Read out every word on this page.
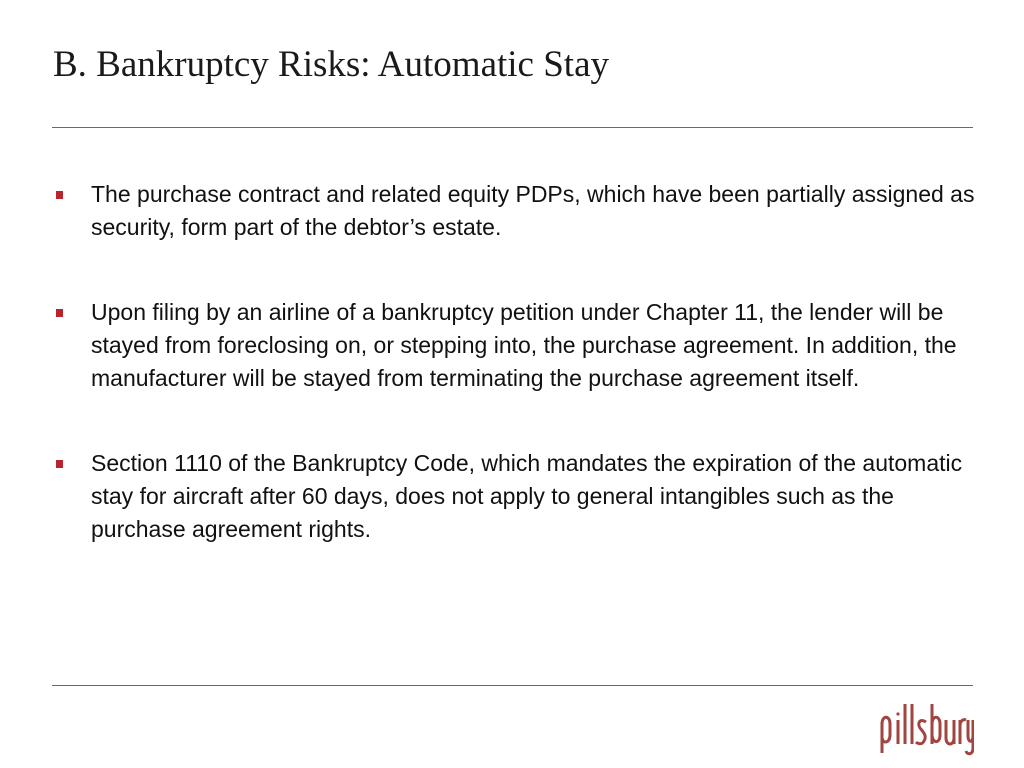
B. Bankruptcy Risks: Automatic Stay
The purchase contract and related equity PDPs, which have been partially assigned as security, form part of the debtor’s estate.
Upon filing by an airline of a bankruptcy petition under Chapter 11, the lender will be stayed from foreclosing on, or stepping into, the purchase agreement. In addition, the manufacturer will be stayed from terminating the purchase agreement itself.
Section 1110 of the Bankruptcy Code, which mandates the expiration of the automatic stay for aircraft after 60 days, does not apply to general intangibles such as the purchase agreement rights.
